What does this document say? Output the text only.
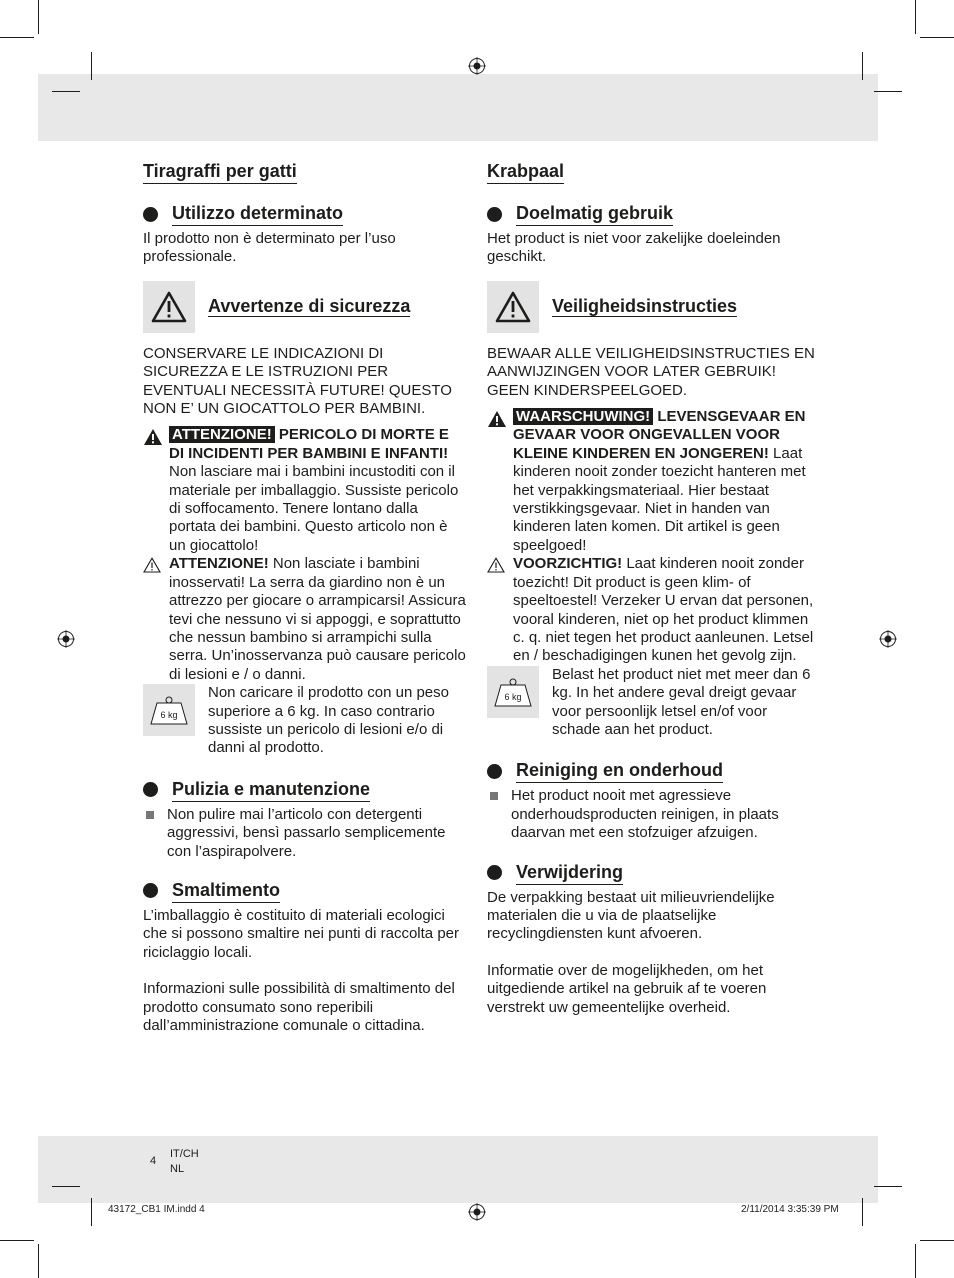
Tiragraffi per gatti
Utilizzo determinato

Il prodotto non è determinato per l’uso professionale.

Avvertenze di sicurezza

CONSERVARE LE INDICAZIONI DI SICUREZZA E LE ISTRUZIONI PER EVENTUALI NECESSITÀ FUTURE! QUESTO NON E’ UN GIOCATTOLO PER BAMBINI.

ATTENZIONE! PERICOLO DI MORTE E DI INCIDENTI PER BAMBINI E INFANTI!
Non lasciare mai i bambini incustoditi con il materiale per imballaggio. Sussiste pericolo di soffocamento. Tenere lontano dalla portata dei bambini. Questo articolo non è un giocattolo!
ATTENZIONE! Non lasciate i bambini inosservati! La serra da giardino non è un attrezzo per giocare o arrampicarsi! Assicura tevi che nessuno vi si appoggi, e soprattutto che nessun bambino si arrampichi sulla serra. Un’inosservanza può causare pericolo di lesioni e / o danni.
6 kg

Non caricare il prodotto con un peso superiore a 6 kg. In caso contrario sussiste un pericolo di lesioni e/o di danni al prodotto.

Pulizia e manutenzione

Non pulire mai l’articolo con detergenti aggressivi, bensì passarlo semplicemente con l’aspirapolvere.

Smaltimento

L’imballaggio è costituito di materiali ecologici che si possono smaltire nei punti di raccolta per riciclaggio locali.

Informazioni sulle possibilità di smaltimento del prodotto consumato sono reperibili dall’amministrazione comunale o cittadina.

Krabpaal
Doelmatig gebruik

Het product is niet voor zakelijke doeleinden geschikt.

Veiligheidsinstructies

BEWAAR ALLE VEILIGHEIDSINSTRUCTIES EN AANWIJZINGEN VOOR LATER GEBRUIK! GEEN KINDERSPEELGOED.

WAARSCHUWING! LEVENSGEVAAR EN GEVAAR VOOR ONGEVALLEN VOOR KLEINE KINDEREN EN JONGEREN! Laat kinderen nooit zonder toezicht hanteren met het verpakkingsmateriaal. Hier bestaat verstikkingsgevaar. Niet in handen van kinderen laten komen. Dit artikel is geen speelgoed!
VOORZICHTIG! Laat kinderen nooit zonder toezicht! Dit product is geen klim- of speeltoestel! Verzeker U ervan dat personen, vooral kinderen, niet op het product klimmen c. q. niet tegen het product aanleunen. Letsel en / beschadigingen kunen het gevolg zijn.
6 kg

Belast het product niet met meer dan 6 kg. In het andere geval dreigt gevaar voor persoonlijk letsel en/of voor schade aan het product.

Reiniging en onderhoud

Het product nooit met agressieve onderhoudsproducten reinigen, in plaats daarvan met een stofzuiger afzuigen.

Verwijdering

De verpakking bestaat uit milieuvriendelijke materialen die u via de plaatselijke recyclingdiensten kunt afvoeren.

Informatie over de mogelijkheden, om het uitgediende artikel na gebruik af te voeren verstrekt uw gemeentelijke overheid.

4
IT/CH
NL
43172_CB1 IM.indd 4	2/11/2014 3:35:39 PM
